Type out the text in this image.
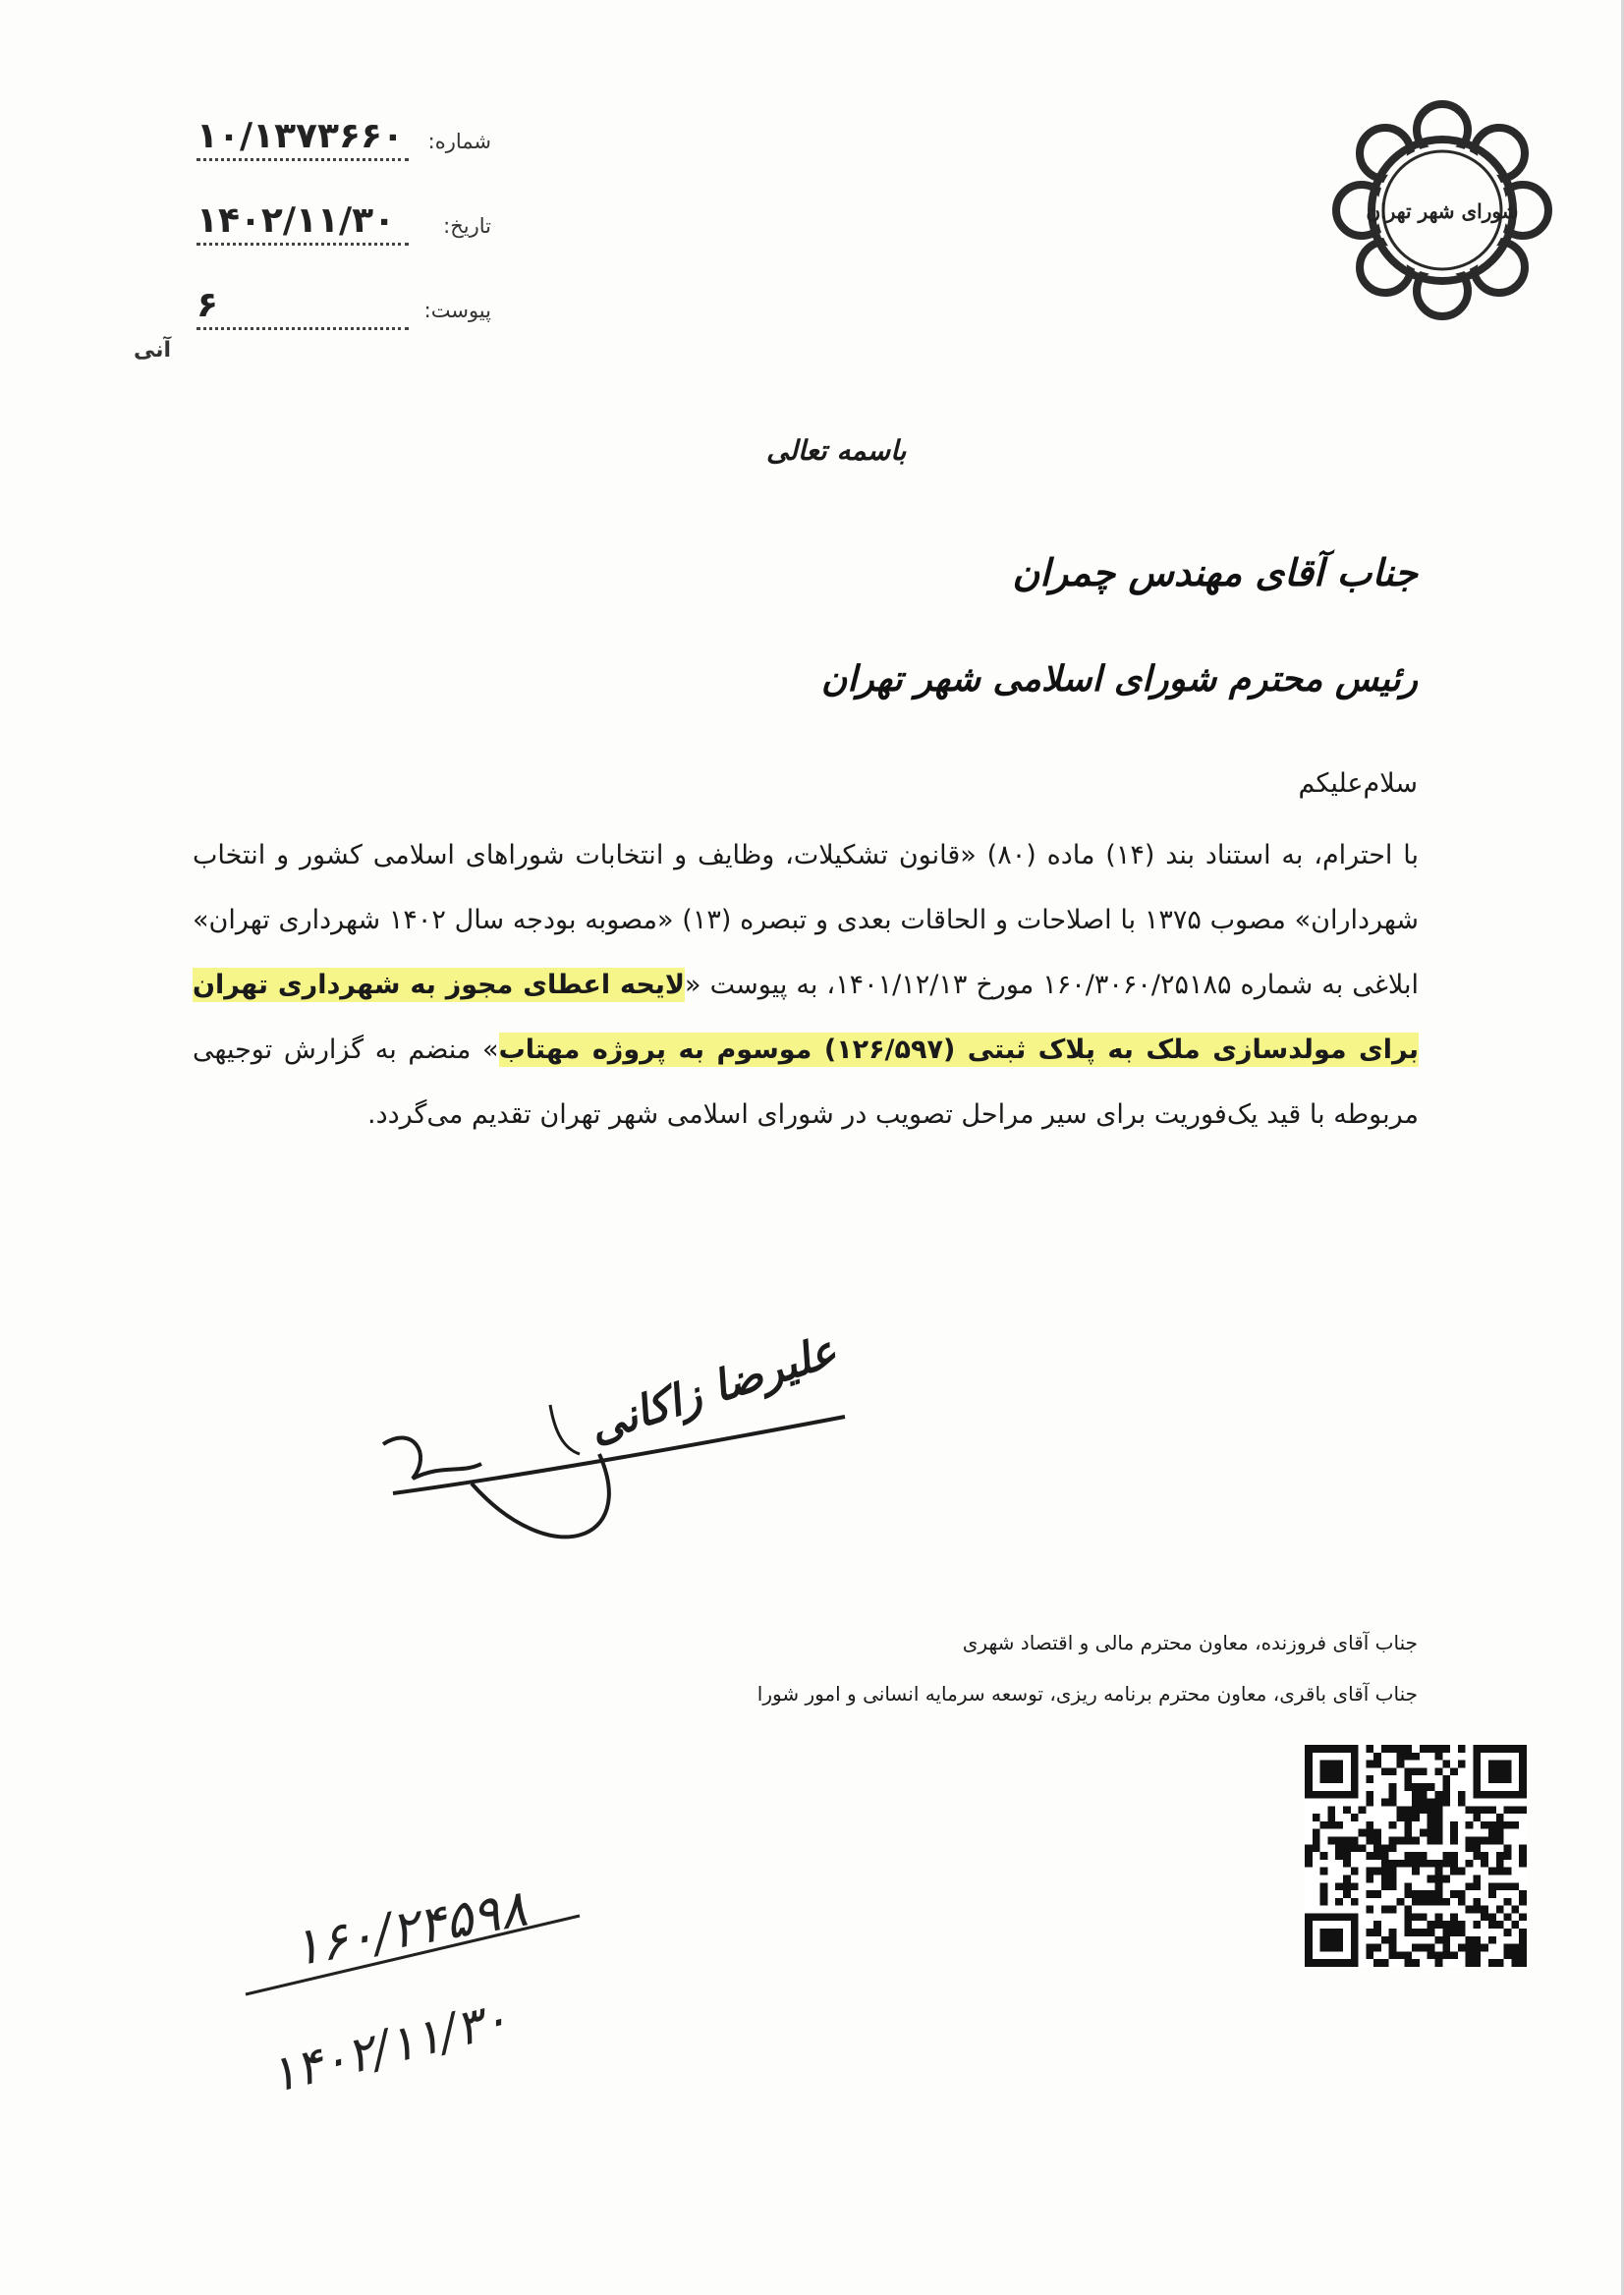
شماره:
۱۰/۱۳۷۳۶۶۰
تاریخ:
۱۴۰۲/۱۱/۳۰
پیوست:
۶
آنی
شورای شهر تهران
باسمه تعالی
جناب آقای مهندس چمران
رئیس محترم شورای اسلامی شهر تهران
سلام‌علیکم
با احترام، به استناد بند (۱۴) ماده (۸۰) «قانون تشکیلات، وظایف و انتخابات شوراهای اسلامی کشور و انتخاب شهرداران» مصوب ۱۳۷۵ با اصلاحات و الحاقات بعدی و تبصره (۱۳) «مصوبه بودجه سال ۱۴۰۲ شهرداری تهران» ابلاغی به شماره ۱۶۰/۳۰۶۰/۲۵۱۸۵ مورخ ۱۴۰۱/۱۲/۱۳، به پیوست «لایحه اعطای مجوز به شهرداری تهران برای مولدسازی ملک به پلاک ثبتی (۱۲۶/۵۹۷) موسوم به پروژه مهتاب» منضم به گزارش توجیهی مربوطه با قید یک‌فوریت برای سیر مراحل تصویب در شورای اسلامی شهر تهران تقدیم می‌گردد.
علیرضا زاکانی
جناب آقای فروزنده، معاون محترم مالی و اقتصاد شهری
جناب آقای باقری، معاون محترم برنامه ریزی، توسعه سرمایه انسانی و امور شورا
۱۶۰/۲۴۵۹۸
۱۴۰۲/۱۱/۳۰
